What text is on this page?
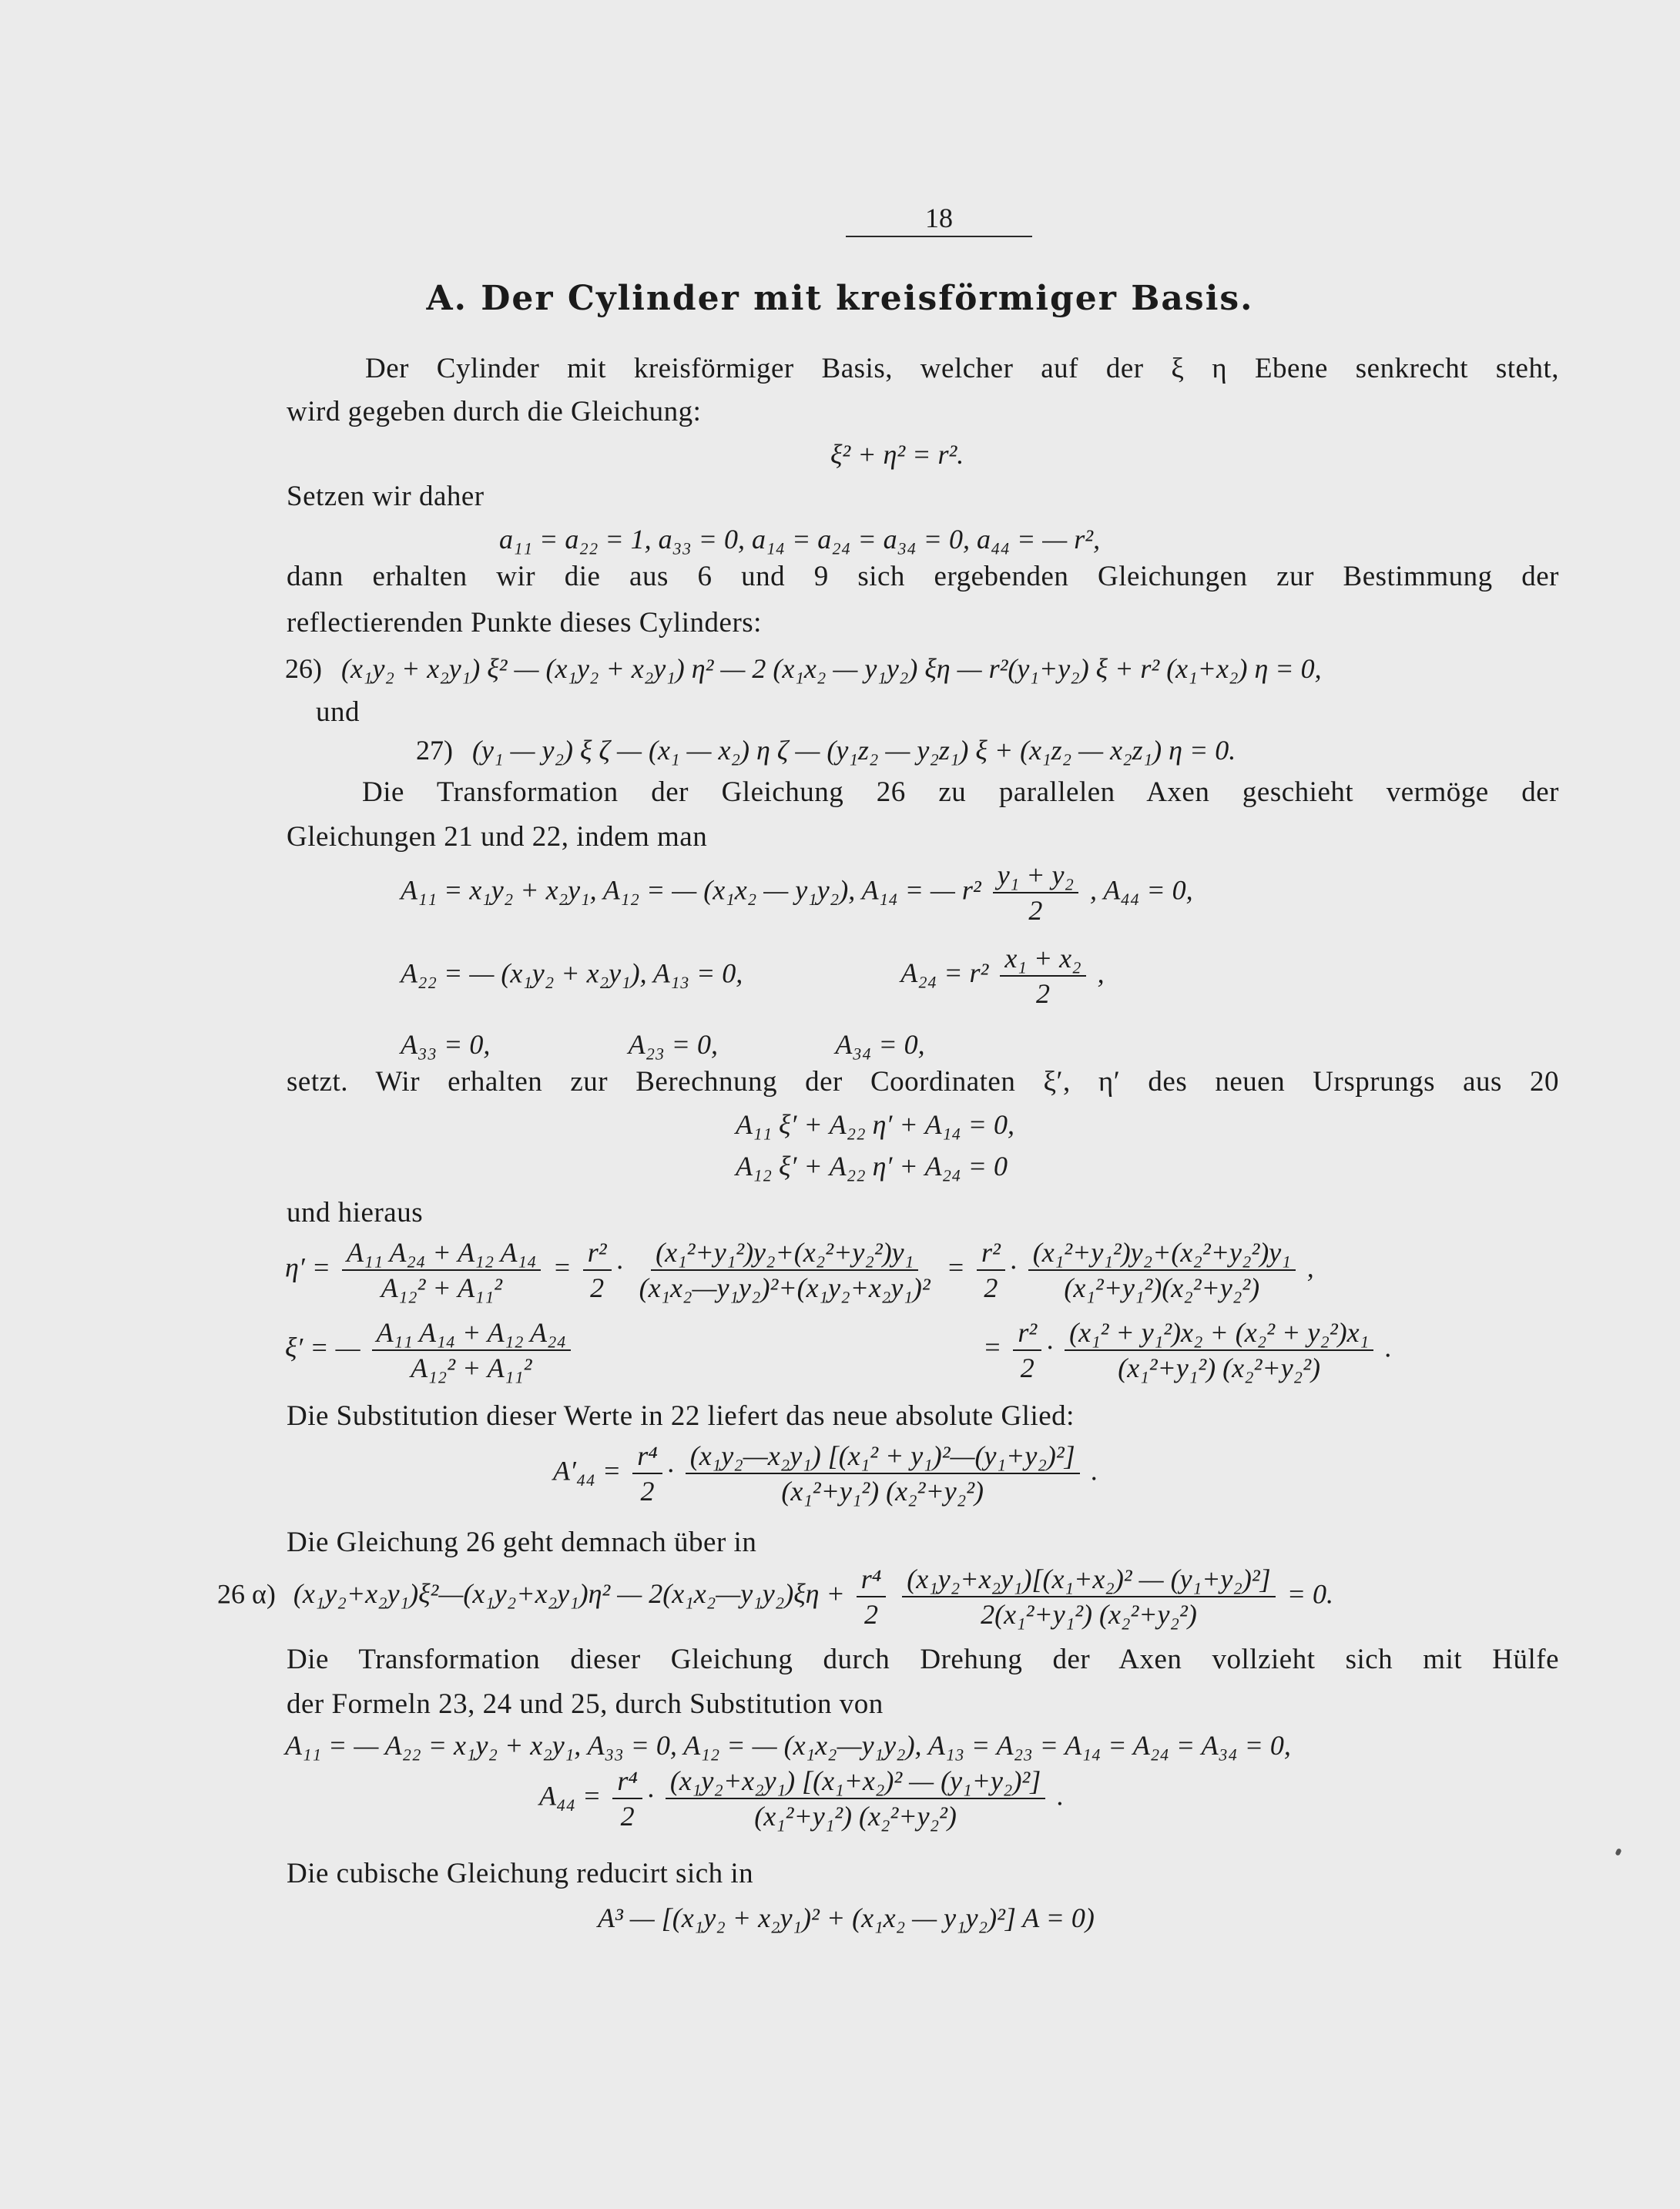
18
A. Der Cylinder mit kreisförmiger Basis.
Der Cylinder mit kreisförmiger Basis, welcher auf der ξ η Ebene senkrecht steht,
wird gegeben durch die Gleichung:
ξ² + η² = r².
Setzen wir daher
a₁₁ = a₂₂ = 1, a₃₃ = 0, a₁₄ = a₂₄ = a₃₄ = 0, a₄₄ = — r²,
dann erhalten wir die aus 6 und 9 sich ergebenden Gleichungen zur Bestimmung der
reflectierenden Punkte dieses Cylinders:
26) (x₁y₂ + x₂y₁) ξ² — (x₁y₂ + x₂y₁) η² — 2 (x₁x₂ — y₁y₂) ξη — r²(y₁+y₂) ξ + r² (x₁+x₂) η = 0,
und
27) (y₁ — y₂) ξ ζ — (x₁ — x₂) η ζ — (y₁z₂ — y₂z₁) ξ + (x₁z₂ — x₂z₁) η = 0.
Die Transformation der Gleichung 26 zu parallelen Axen geschieht vermöge der
Gleichungen 21 und 22, indem man
A₁₁ = x₁y₂ + x₂y₁, A₁₂ = — (x₁x₂ — y₁y₂), A₁₄ = — $r^2 \frac{\text{y₁ + y₂}}{2}$ , A₄₄ = 0,
A₂₂ = — (x₁y₂ + x₂y₁), A₁₃ = 0,	$A_{24} = r^2 \frac{\text{x₁ + x₂}}{2}$ ,
A₃₃ = 0,                    A₂₃ = 0,                 A₃₄ = 0,
setzt. Wir erhalten zur Berechnung der Coordinaten ξ′, η′ des neuen Ursprungs aus 20
A₁₁ ξ′ + A₂₂ η′ + A₁₄ = 0,
A₁₂ ξ′ + A₂₂ η′ + A₂₄ = 0
und hieraus
$\eta' = \frac{\text{A₁₁ A₂₄ + A₁₂ A₁₄}}{\text{A₁₂² + A₁₁²}} = \frac{\text{r²}}{2} \cdot \frac{\text{(x₁²+y₁²)y₂+(x₂²+y₂²)y₁}}{\text{(x₁x₂—y₁y₂)²+(x₁y₂+x₂y₁)²}} = \frac{\text{r²}}{2} \cdot \frac{\text{(x₁²+y₁²)y₂+(x₂²+y₂²)y₁}}{\text{(x₁²+y₁²)(x₂²+y₂²)}}$ ,
ξ′ = — $\frac{\text{A₁₁ A₁₄ + A₁₂ A₂₄}}{\text{A₁₂² + A₁₁²}}$	= $\frac{\text{r²}}{2} \cdot \frac{\text{(x₁² + y₁²)x₂ + (x₂² + y₂²)x₁}}{\text{(x₁²+y₁²) (x₂²+y₂²)}}$ .
Die Substitution dieser Werte in 22 liefert das neue absolute Glied:
$A'_{44} = \frac{\text{r⁴}}{2} \cdot \frac{\text{(x₁y₂—x₂y₁) [(x₁² + y₁)²—(y₁+y₂)²]}}{\text{(x₁²+y₁²) (x₂²+y₂²)}}$ .
Die Gleichung 26 geht demnach über in
26 α) (x₁y₂+x₂y₁)ξ²—(x₁y₂+x₂y₁)η² — 2(x₁x₂—y₁y₂)ξη + $\frac{\text{r⁴}}{2}$
$\frac{\text{(x₁y₂+x₂y₁)[(x₁+x₂)² — (y₁+y₂)²]}}{\text{2(x₁²+y₁²) (x₂²+y₂²)}} = 0$.
Die Transformation dieser Gleichung durch Drehung der Axen vollzieht sich mit Hülfe
der Formeln 23, 24 und 25, durch Substitution von
A₁₁ = — A₂₂ = x₁y₂ + x₂y₁, A₃₃ = 0, A₁₂ = — (x₁x₂—y₁y₂), A₁₃ = A₂₃ = A₁₄ = A₂₄ = A₃₄ = 0,
$A_{44} = \frac{\text{r⁴}}{2} \cdot \frac{\text{(x₁y₂+x₂y₁) [(x₁+x₂)² — (y₁+y₂)²]}}{\text{(x₁²+y₁²) (x₂²+y₂²)}}$ .
Die cubische Gleichung reducirt sich in
A³ — [(x₁y₂ + x₂y₁)² + (x₁x₂ — y₁y₂)²] A = 0)
